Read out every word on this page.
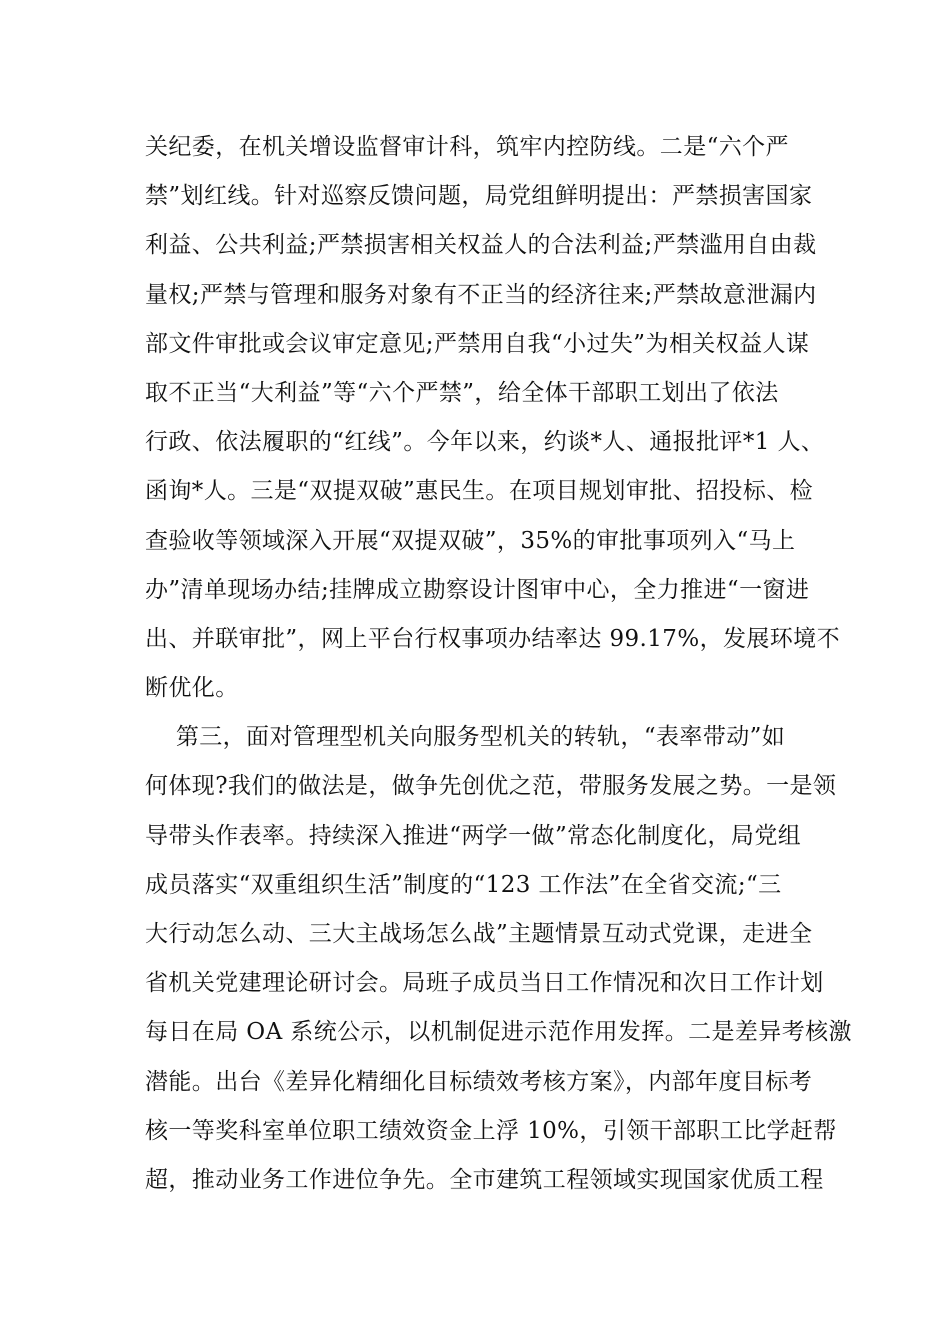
关纪委，在机关增设监督审计科，筑牢内控防线。二是“六个严
禁”划红线。针对巡察反馈问题，局党组鲜明提出：严禁损害国家
利益、公共利益;严禁损害相关权益人的合法利益;严禁滥用自由裁
量权;严禁与管理和服务对象有不正当的经济往来;严禁故意泄漏内
部文件审批或会议审定意见;严禁用自我“小过失”为相关权益人谋
取不正当“大利益”等“六个严禁”，给全体干部职工划出了依法
行政、依法履职的“红线”。今年以来，约谈*人、通报批评*1 人、
函询*人。三是“双提双破”惠民生。在项目规划审批、招投标、检
查验收等领域深入开展“双提双破”，35%的审批事项列入“马上
办”清单现场办结;挂牌成立勘察设计图审中心，全力推进“一窗进
出、并联审批”，网上平台行权事项办结率达 99.17%，发展环境不
断优化。
第三，面对管理型机关向服务型机关的转轨，“表率带动”如
何体现?我们的做法是，做争先创优之范，带服务发展之势。一是领
导带头作表率。持续深入推进“两学一做”常态化制度化，局党组
成员落实“双重组织生活”制度的“123 工作法”在全省交流;“三
大行动怎么动、三大主战场怎么战”主题情景互动式党课，走进全
省机关党建理论研讨会。局班子成员当日工作情况和次日工作计划
每日在局 OA 系统公示，以机制促进示范作用发挥。二是差异考核激
潜能。出台《差异化精细化目标绩效考核方案》，内部年度目标考
核一等奖科室单位职工绩效资金上浮 10%，引领干部职工比学赶帮
超，推动业务工作进位争先。全市建筑工程领域实现国家优质工程
